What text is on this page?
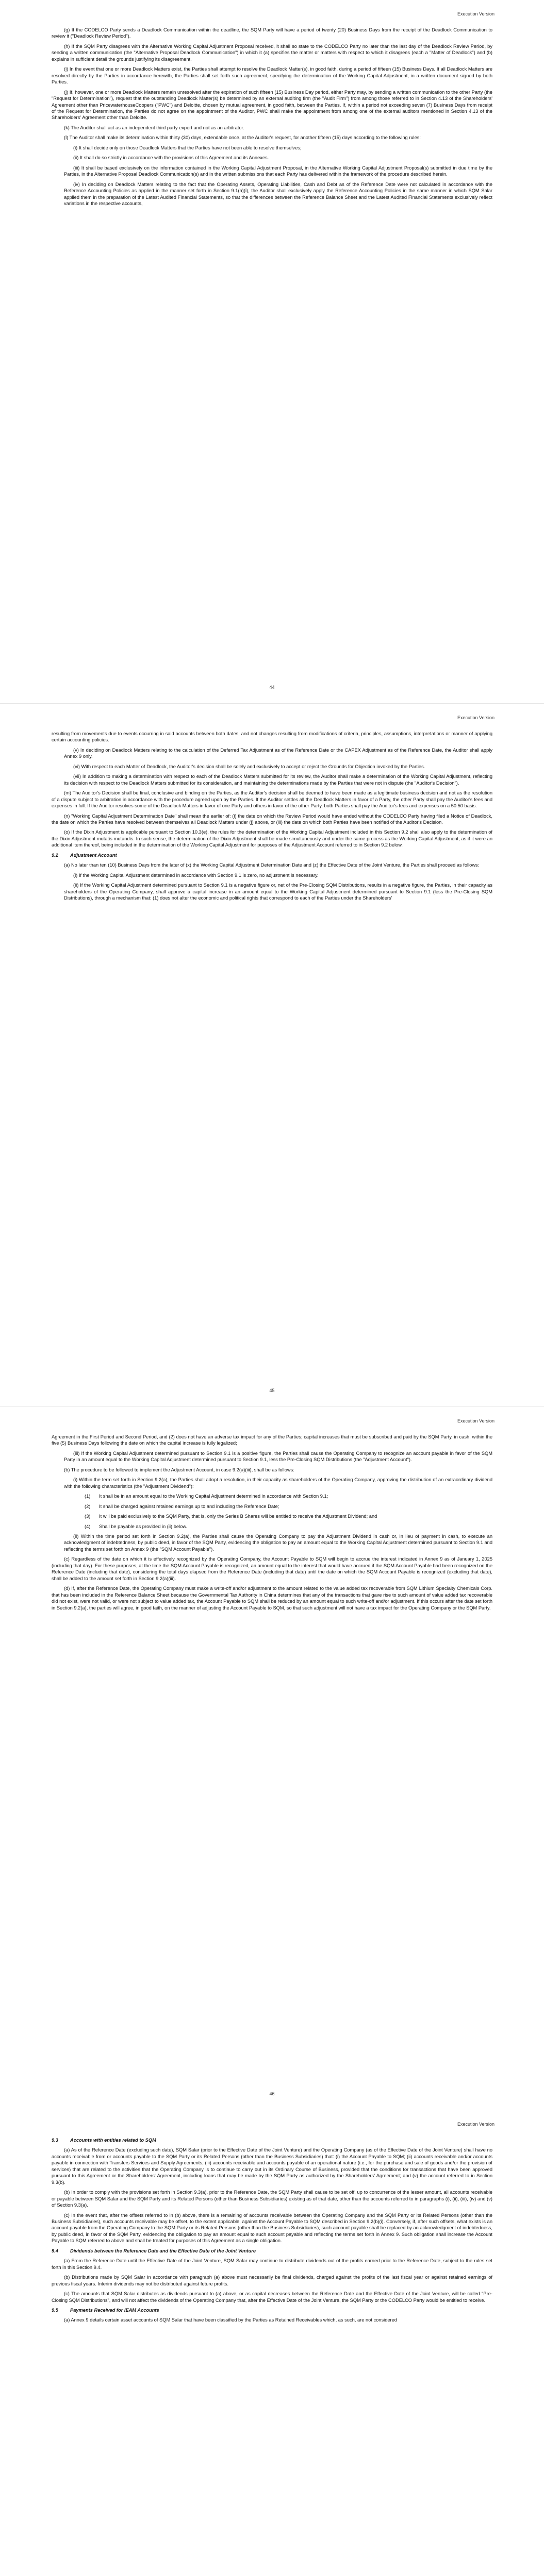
Execution Version

(g) If the CODELCO Party sends a Deadlock Communication within the deadline, the SQM Party will have a period of twenty (20) Business Days from the receipt of the Deadlock Communication to review it ("Deadlock Review Period").

(h) If the SQM Party disagrees with the Alternative Working Capital Adjustment Proposal received, it shall so state to the CODELCO Party no later than the last day of the Deadlock Review Period, by sending a written communication (the "Alternative Proposal Deadlock Communication") in which it (a) specifies the matter or matters with respect to which it disagrees (each a "Matter of Deadlock") and (b) explains in sufficient detail the grounds justifying its disagreement.

(i) In the event that one or more Deadlock Matters exist, the Parties shall attempt to resolve the Deadlock Matter(s), in good faith, during a period of fifteen (15) Business Days. If all Deadlock Matters are resolved directly by the Parties in accordance herewith, the Parties shall set forth such agreement, specifying the determination of the Working Capital Adjustment, in a written document signed by both Parties.

(j) If, however, one or more Deadlock Matters remain unresolved after the expiration of such fifteen (15) Business Day period, either Party may, by sending a written communication to the other Party (the "Request for Determination"), request that the outstanding Deadlock Matter(s) be determined by an external auditing firm (the "Audit Firm") from among those referred to in Section 4.13 of the Shareholders' Agreement other than PricewaterhouseCoopers ("PWC") and Deloitte, chosen by mutual agreement, in good faith, between the Parties. If, within a period not exceeding seven (7) Business Days from receipt of the Request for Determination, the Parties do not agree on the appointment of the Auditor, PWC shall make the appointment from among one of the external auditors mentioned in Section 4.13 of the Shareholders' Agreement other than Deloitte.

(k) The Auditor shall act as an independent third party expert and not as an arbitrator.

(l) The Auditor shall make its determination within thirty (30) days, extendable once, at the Auditor's request, for another fifteen (15) days according to the following rules:

(i) It shall decide only on those Deadlock Matters that the Parties have not been able to resolve themselves;

(ii) It shall do so strictly in accordance with the provisions of this Agreement and its Annexes.

(iii) It shall be based exclusively on the information contained in the Working Capital Adjustment Proposal, in the Alternative Working Capital Adjustment Proposal(s) submitted in due time by the Parties, in the Alternative Proposal Deadlock Communication(s) and in the written submissions that each Party has delivered within the framework of the procedure described herein.

(iv) In deciding on Deadlock Matters relating to the fact that the Operating Assets, Operating Liabilities, Cash and Debt as of the Reference Date were not calculated in accordance with the Reference Accounting Policies as applied in the manner set forth in Section 9.1(a)(i), the Auditor shall exclusively apply the Reference Accounting Policies in the same manner in which SQM Salar applied them in the preparation of the Latest Audited Financial Statements, so that the differences between the Reference Balance Sheet and the Latest Audited Financial Statements exclusively reflect variations in the respective accounts,

44
Execution Version

resulting from movements due to events occurring in said accounts between both dates, and not changes resulting from modifications of criteria, principles, assumptions, interpretations or manner of applying certain accounting policies.

(v) In deciding on Deadlock Matters relating to the calculation of the Deferred Tax Adjustment as of the Reference Date or the CAPEX Adjustment as of the Reference Date, the Auditor shall apply Annex 9 only.

(vi) With respect to each Matter of Deadlock, the Auditor's decision shall be solely and exclusively to accept or reject the Grounds for Objection invoked by the Parties.

(vii) In addition to making a determination with respect to each of the Deadlock Matters submitted for its review, the Auditor shall make a determination of the Working Capital Adjustment, reflecting its decision with respect to the Deadlock Matters submitted for its consideration, and maintaining the determinations made by the Parties that were not in dispute (the "Auditor's Decision").

(m) The Auditor's Decision shall be final, conclusive and binding on the Parties, as the Auditor's decision shall be deemed to have been made as a legitimate business decision and not as the resolution of a dispute subject to arbitration in accordance with the procedure agreed upon by the Parties. If the Auditor settles all the Deadlock Matters in favor of a Party, the other Party shall pay the Auditor's fees and expenses in full. If the Auditor resolves some of the Deadlock Matters in favor of one Party and others in favor of the other Party, both Parties shall pay the Auditor's fees and expenses on a 50:50 basis.

(n) "Working Capital Adjustment Determination Date" shall mean the earlier of: (i) the date on which the Review Period would have ended without the CODELCO Party having filed a Notice of Deadlock, the date on which the Parties have resolved between themselves all Deadlock Matters under (j) above, or (iii) the date on which both Parties have been notified of the Auditor's Decision.

(o) If the Dixin Adjustment is applicable pursuant to Section 10.3(e), the rules for the determination of the Working Capital Adjustment included in this Section 9.2 shall also apply to the determination of the Dixin Adjustment mutatis mutandis. In such sense, the determination of the Dixin Adjustment shall be made simultaneously and under the same process as the Working Capital Adjustment, as if it were an additional item thereof, being included in the determination of the Working Capital Adjustment for purposes of the Adjustment Account referred to in Section 9.2 below.

9.2 Adjustment Account

(a) No later than ten (10) Business Days from the later of (x) the Working Capital Adjustment Determination Date and (z) the Effective Date of the Joint Venture, the Parties shall proceed as follows:

(i) If the Working Capital Adjustment determined in accordance with Section 9.1 is zero, no adjustment is necessary.

(ii) If the Working Capital Adjustment determined pursuant to Section 9.1 is a negative figure or, net of the Pre-Closing SQM Distributions, results in a negative figure, the Parties, in their capacity as shareholders of the Operating Company, shall approve a capital increase in an amount equal to the Working Capital Adjustment determined pursuant to Section 9.1 (less the Pre-Closing SQM Distributions), through a mechanism that: (1) does not alter the economic and political rights that correspond to each of the Parties under the Shareholders'

45
Execution Version

Agreement in the First Period and Second Period, and (2) does not have an adverse tax impact for any of the Parties; capital increases that must be subscribed and paid by the SQM Party, in cash, within the five (5) Business Days following the date on which the capital increase is fully legalized;

(iii) If the Working Capital Adjustment determined pursuant to Section 9.1 is a positive figure, the Parties shall cause the Operating Company to recognize an account payable in favor of the SQM Party in an amount equal to the Working Capital Adjustment determined pursuant to Section 9.1, less the Pre-Closing SQM Distributions (the "Adjustment Account").

(b) The procedure to be followed to implement the Adjustment Account, in case 9.2(a)(iii), shall be as follows:

(i) Within the term set forth in Section 9.2(a), the Parties shall adopt a resolution, in their capacity as shareholders of the Operating Company, approving the distribution of an extraordinary dividend with the following characteristics (the "Adjustment Dividend"):

(1) It shall be in an amount equal to the Working Capital Adjustment determined in accordance with Section 9.1;

(2) It shall be charged against retained earnings up to and including the Reference Date;

(3) It will be paid exclusively to the SQM Party, that is, only the Series B Shares will be entitled to receive the Adjustment Dividend; and

(4) Shall be payable as provided in (ii) below.

(ii) Within the time period set forth in Section 9.2(a), the Parties shall cause the Operating Company to pay the Adjustment Dividend in cash or, in lieu of payment in cash, to execute an acknowledgment of indebtedness, by public deed, in favor of the SQM Party, evidencing the obligation to pay an amount equal to the Working Capital Adjustment determined pursuant to Section 9.1 and reflecting the terms set forth on Annex 9 (the "SQM Account Payable").

(c) Regardless of the date on which it is effectively recognized by the Operating Company, the Account Payable to SQM will begin to accrue the interest indicated in Annex 9 as of January 1, 2025 (including that day). For these purposes, at the time the SQM Account Payable is recognized, an amount equal to the interest that would have accrued if the SQM Account Payable had been recognized on the Reference Date (including that date), considering the total days elapsed from the Reference Date (including that date) until the date on which the SQM Account Payable is recognized (excluding that date), shall be added to the amount set forth in Section 9.2(a)(iii).

(d) If, after the Reference Date, the Operating Company must make a write-off and/or adjustment to the amount related to the value added tax recoverable from SQM Lithium Specialty Chemicals Corp. that has been included in the Reference Balance Sheet because the Governmental Tax Authority in China determines that any of the transactions that gave rise to such amount of value added tax recoverable did not exist, were not valid, or were not subject to value added tax, the Account Payable to SQM shall be reduced by an amount equal to such write-off and/or adjustment. If this occurs after the date set forth in Section 9.2(a), the parties will agree, in good faith, on the manner of adjusting the Account Payable to SQM, so that such adjustment will not have a tax impact for the Operating Company or the SQM Party.

46
Execution Version

9.3 Accounts with entities related to SQM

(a) As of the Reference Date (excluding such date), SQM Salar (prior to the Effective Date of the Joint Venture) and the Operating Company (as of the Effective Date of the Joint Venture) shall have no accounts receivable from or accounts payable to the SQM Party or its Related Persons (other than the Business Subsidiaries) that: (i) the Account Payable to SQM; (ii) accounts receivable and/or accounts payable in connection with Transfers Services and Supply Agreements; (iii) accounts receivable and accounts payable of an operational nature (i.e., for the purchase and sale of goods and/or the provision of services) that are related to the activities that the Operating Company is to continue to carry out in its Ordinary Course of Business, provided that the conditions for transactions that have been approved pursuant to this Agreement or the Shareholders' Agreement, including loans that may be made by the SQM Party as authorized by the Shareholders' Agreement; and (v) the account referred to in Section 9.3(b).

(b) In order to comply with the provisions set forth in Section 9.3(a), prior to the Reference Date, the SQM Party shall cause to be set off, up to concurrence of the lesser amount, all accounts receivable or payable between SQM Salar and the SQM Party and its Related Persons (other than Business Subsidiaries) existing as of that date, other than the accounts referred to in paragraphs (i), (ii), (iii), (iv) and (v) of Section 9.3(a).

(c) In the event that, after the offsets referred to in (b) above, there is a remaining of accounts receivable between the Operating Company and the SQM Party or its Related Persons (other than the Business Subsidiaries), such accounts receivable may be offset, to the extent applicable, against the Account Payable to SQM described in Section 9.2(b)(i). Conversely, if, after such offsets, what exists is an account payable from the Operating Company to the SQM Party or its Related Persons (other than the Business Subsidiaries), such account payable shall be replaced by an acknowledgment of indebtedness, by public deed, in favor of the SQM Party, evidencing the obligation to pay an amount equal to such account payable and reflecting the terms set forth in Annex 9. Such obligation shall increase the Account Payable to SQM referred to above and shall be treated for purposes of this Agreement as a single obligation.

9.4 Dividends between the Reference Date and the Effective Date of the Joint Venture

(a) From the Reference Date until the Effective Date of the Joint Venture, SQM Salar may continue to distribute dividends out of the profits earned prior to the Reference Date, subject to the rules set forth in this Section 9.4.

(b) Distributions made by SQM Salar in accordance with paragraph (a) above must necessarily be final dividends, charged against the profits of the last fiscal year or against retained earnings of previous fiscal years. Interim dividends may not be distributed against future profits.

(c) The amounts that SQM Salar distributes as dividends pursuant to (a) above, or as capital decreases between the Reference Date and the Effective Date of the Joint Venture, will be called "Pre-Closing SQM Distributions", and will not affect the dividends of the Operating Company that, after the Effective Date of the Joint Venture, the SQM Party or the CODELCO Party would be entitled to receive.

9.5 Payments Received for IEAM Accounts

(a) Annex 9 details certain asset accounts of SQM Salar that have been classified by the Parties as Retained Receivables which, as such, are not considered
